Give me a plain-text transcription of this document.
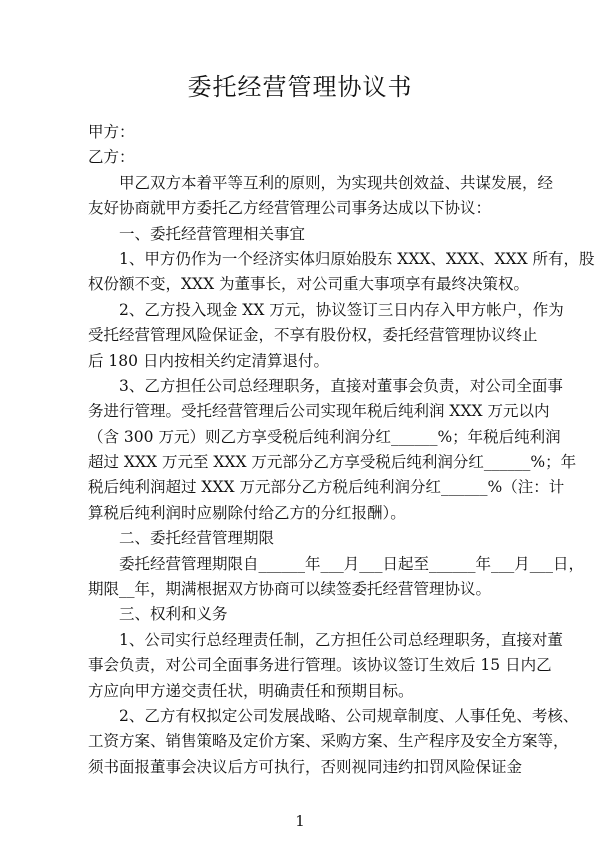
委托经营管理协议书
甲方：
乙方：
甲乙双方本着平等互利的原则，为实现共创效益、共谋发展，经
友好协商就甲方委托乙方经营管理公司事务达成以下协议：
一、委托经营管理相关事宜
1、甲方仍作为一个经济实体归原始股东 XXX、XXX、XXX 所有，股
权份额不变，XXX 为董事长，对公司重大事项享有最终决策权。
2、乙方投入现金 XX 万元，协议签订三日内存入甲方帐户，作为
受托经营管理风险保证金，不享有股份权，委托经营管理协议终止
后 180 日内按相关约定清算退付。
3、乙方担任公司总经理职务，直接对董事会负责，对公司全面事
务进行管理。受托经营管理后公司实现年税后纯利润 XXX 万元以内
（含 300 万元）则乙方享受税后纯利润分红______%；年税后纯利润
超过 XXX 万元至 XXX 万元部分乙方享受税后纯利润分红______%；年
税后纯利润超过 XXX 万元部分乙方税后纯利润分红______%（注：计
算税后纯利润时应剔除付给乙方的分红报酬）。
二、委托经营管理期限
委托经营管理期限自______年___月___日起至______年___月___日，
期限__年，期满根据双方协商可以续签委托经营管理协议。
三、权利和义务
1、公司实行总经理责任制，乙方担任公司总经理职务，直接对董
事会负责，对公司全面事务进行管理。该协议签订生效后 15 日内乙
方应向甲方递交责任状，明确责任和预期目标。
2、乙方有权拟定公司发展战略、公司规章制度、人事任免、考核、
工资方案、销售策略及定价方案、采购方案、生产程序及安全方案等，
须书面报董事会决议后方可执行，否则视同违约扣罚风险保证金
1
